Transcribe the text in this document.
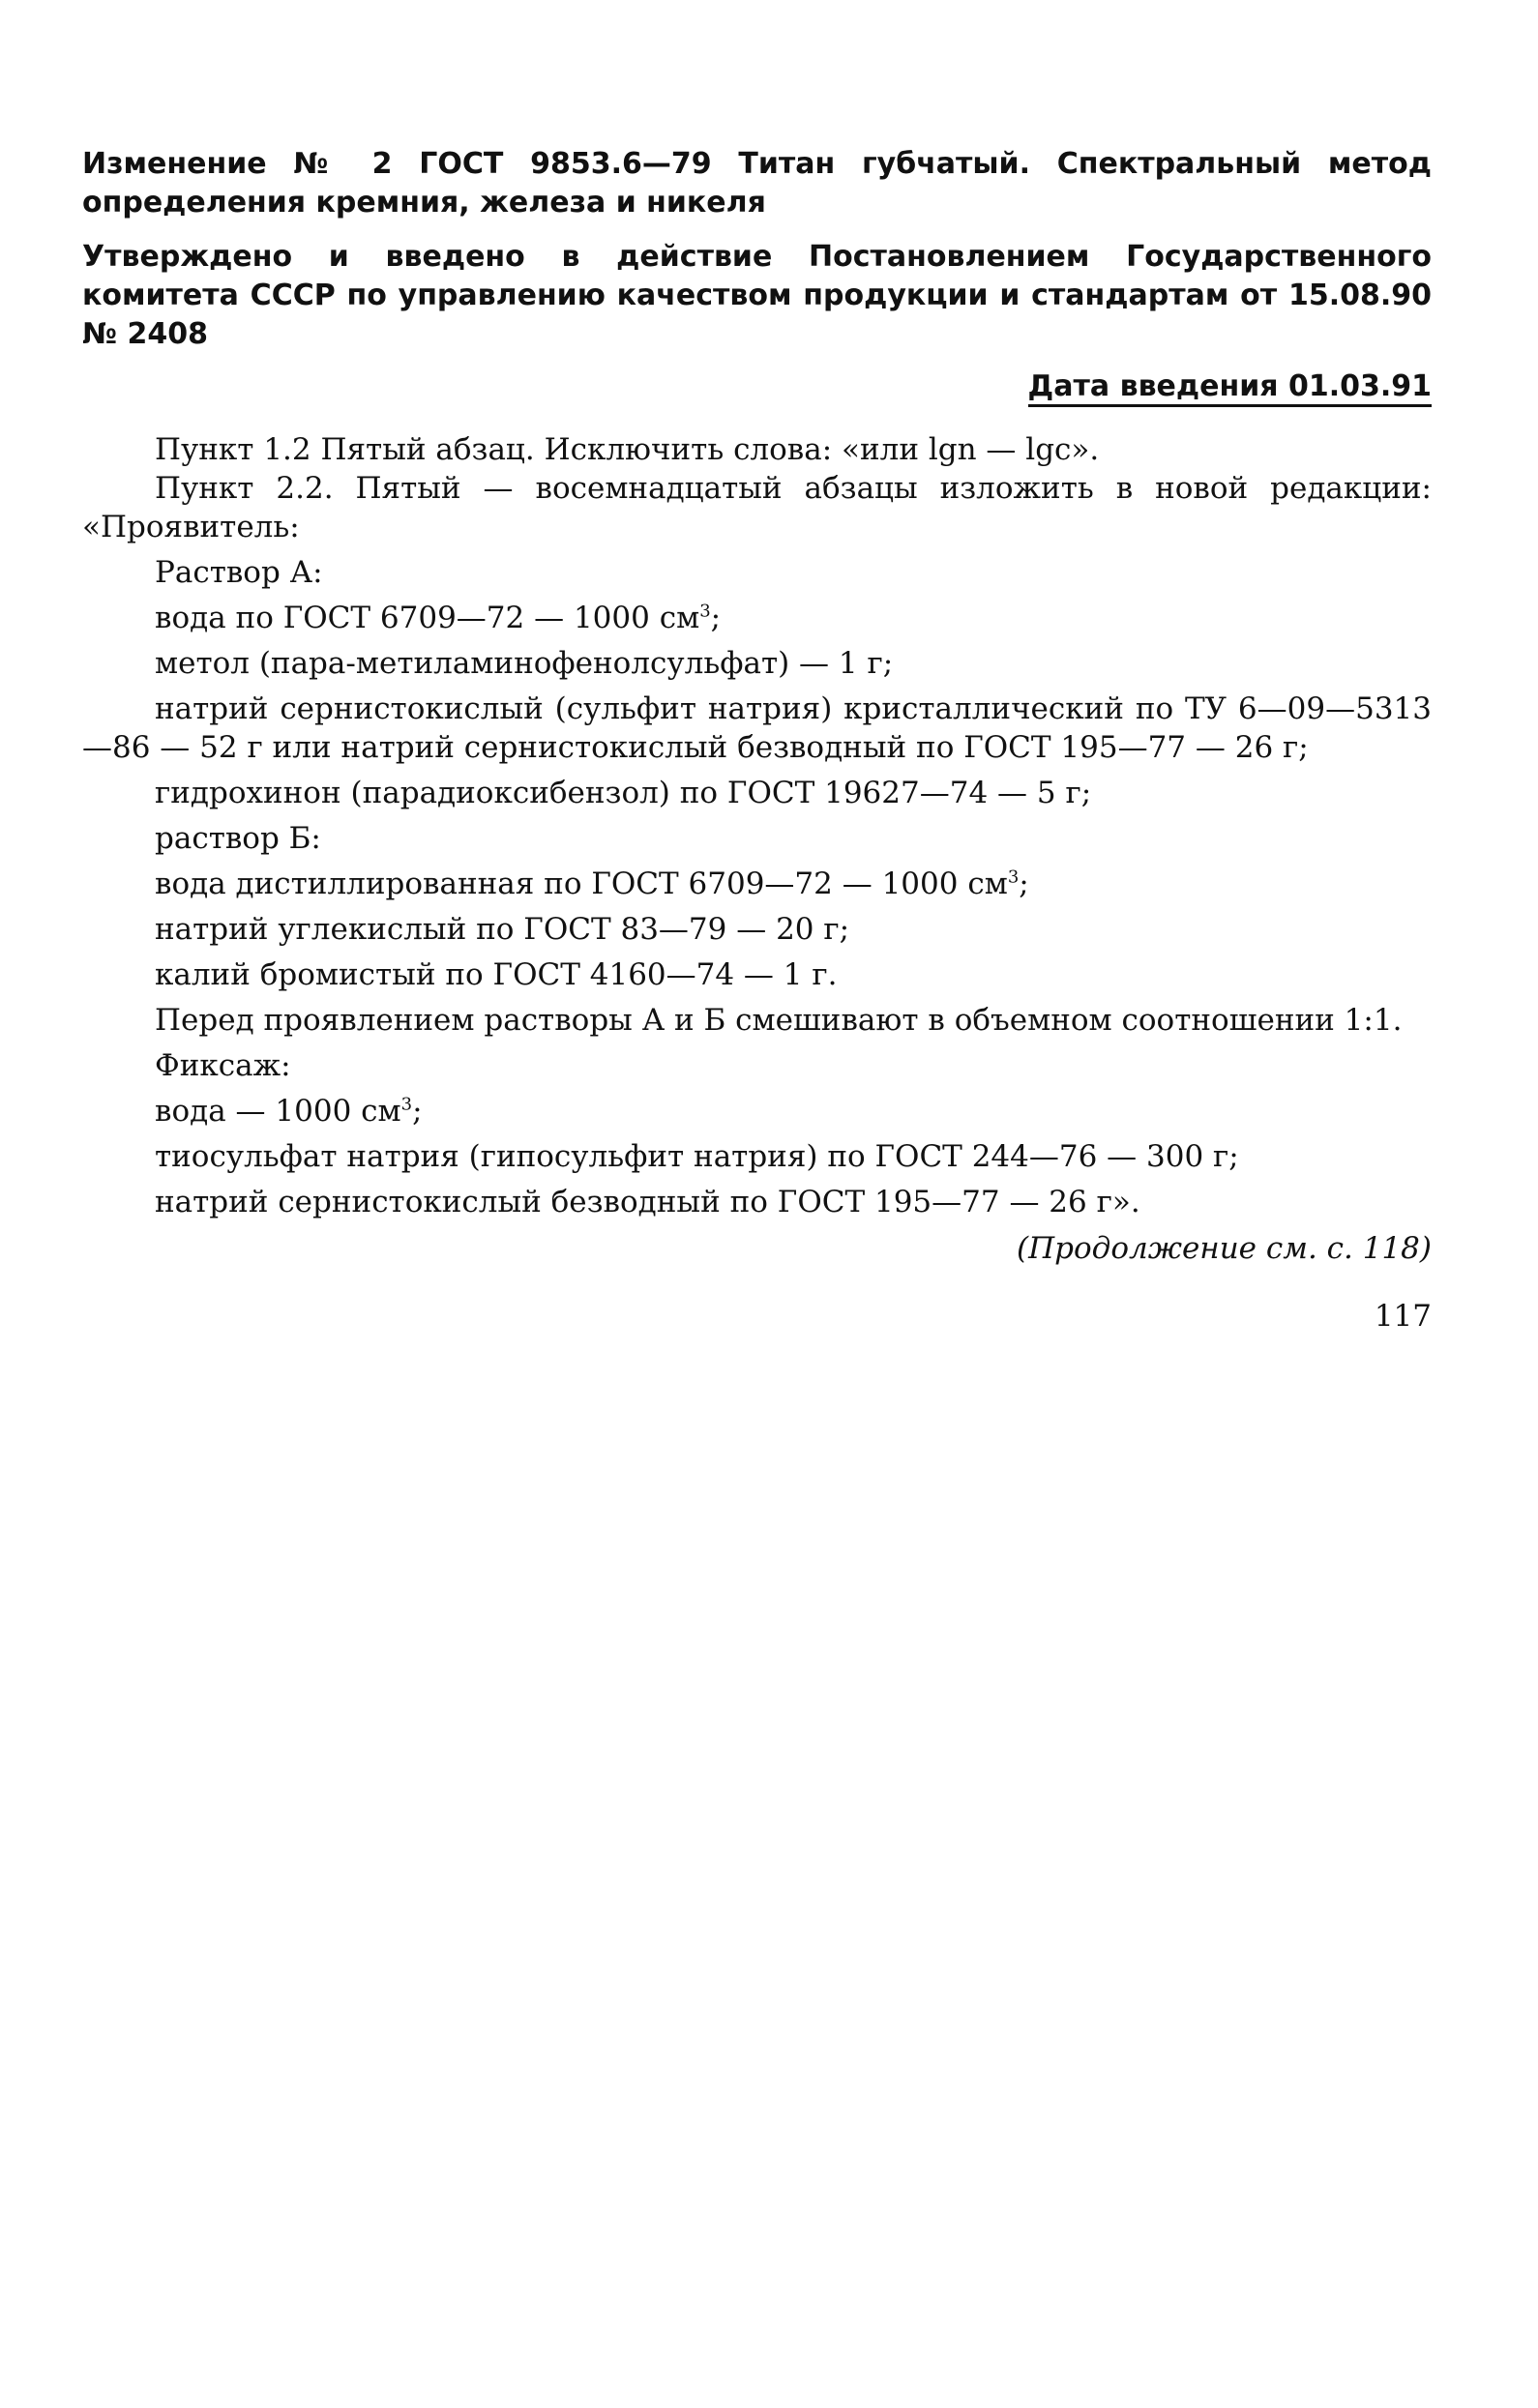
Изменение № 2 ГОСТ 9853.6—79 Титан губчатый. Спектральный метод определения кремния, железа и никеля

Утверждено и введено в действие Постановлением Государственного комитета СССР по управлению качеством продукции и стандартам от 15.08.90 № 2408

Дата введения 01.03.91

Пункт 1.2 Пятый абзац. Исключить слова: «или lgn — lgc».

Пункт 2.2. Пятый — восемнадцатый абзацы изложить в новой редакции: «Проявитель:

Раствор А:

вода по ГОСТ 6709—72 — 1000 $см^3$;

метол (пара-метиламинофенолсульфат) — 1 г;

натрий сернистокислый (сульфит натрия) кристаллический по ТУ 6—09—5313—86 — 52 г или натрий сернистокислый безводный по ГОСТ 195—77 — 26 г;

гидрохинон (парадиоксибензол) по ГОСТ 19627—74 — 5 г;

раствор Б:

вода дистиллированная по ГОСТ 6709—72 — 1000 $см^3$;

натрий углекислый по ГОСТ 83—79 — 20 г;

калий бромистый по ГОСТ 4160—74 — 1 г.

Перед проявлением растворы А и Б смешивают в объемном соотношении 1:1.

Фиксаж:

вода — 1000 $см^3$;

тиосульфат натрия (гипосульфит натрия) по ГОСТ 244—76 — 300 г;

натрий сернистокислый безводный по ГОСТ 195—77 — 26 г».

(Продолжение см. с. 118)
117
